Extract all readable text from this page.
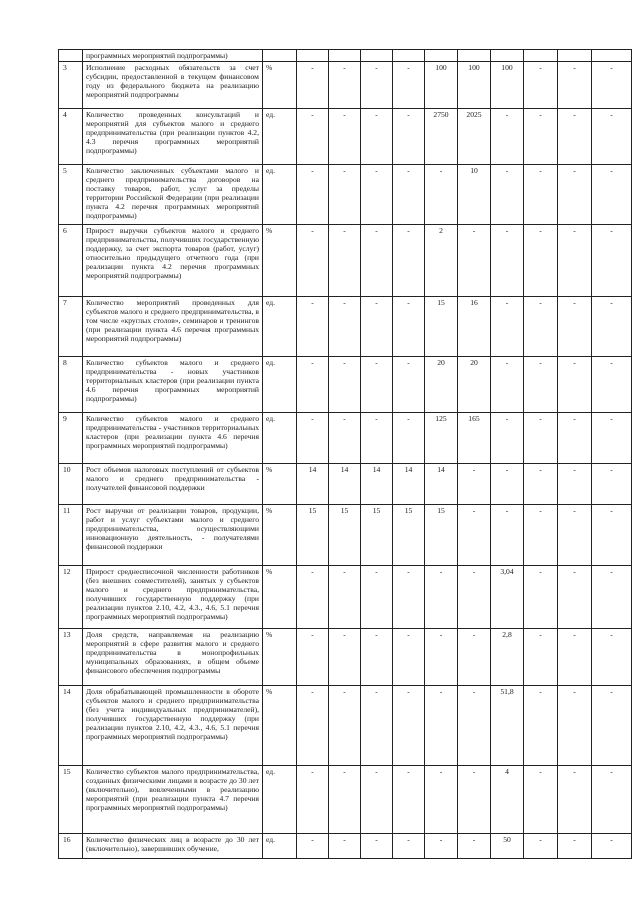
	программных мероприятий подпрограммы)											
3	Исполнение расходных обязательств за счет субсидии, предоставленной в текущем финансовом году из федерального бюджета на реализацию мероприятий подпрограммы	%	-	-	-	-	100	100	100	-	-	-
4	Количество проведенных консультаций и мероприятий для субъектов малого и среднего предпринимательства (при реализации пунктов 4.2, 4.3 перечня программных мероприятий подпрограммы)	ед.	-	-	-	-	2750	2025	-	-	-	-
5	Количество заключенных субъектами малого и среднего предпринимательства договоров на поставку товаров, работ, услуг за пределы территории Российской Федерации (при реализации пункта 4.2 перечня программных мероприятий подпрограммы)	ед.	-	-	-	-	-	10	-	-	-	-
6	Прирост выручки субъектов малого и среднего предпринимательства, получивших государственную поддержку, за счет экспорта товаров (работ, услуг) относительно предыдущего отчетного года (при реализации пункта 4.2 перечня программных мероприятий подпрограммы)	%	-	-	-	-	2	-	-	-	-	-
7	Количество мероприятий проведенных для субъектов малого и среднего предпринимательства, в том числе «круглых столов», семинаров и тренингов (при реализации пункта 4.6 перечня программных мероприятий подпрограммы)	ед.	-	-	-	-	15	16	-	-	-	-
8	Количество субъектов малого и среднего предпринимательства - новых участников территориальных кластеров (при реализации пункта 4.6 перечня программных мероприятий подпрограммы)	ед.	-	-	-	-	20	20	-	-	-	-
9	Количество субъектов малого и среднего предпринимательства - участников территориальных кластеров (при реализации пункта 4.6 перечня программных мероприятий подпрограммы)	ед.	-	-	-	-	125	165	-	-	-	-
10	Рост объемов налоговых поступлений от субъектов малого и среднего предпринимательства - получателей финансовой поддержки	%	14	14	14	14	14	-	-	-	-	-
11	Рост выручки от реализации товаров, продукции, работ и услуг субъектами малого и среднего предпринимательства, осуществляющими инновационную деятельность, - получателями финансовой поддержки	%	15	15	15	15	15	-	-	-	-	-
12	Прирост среднесписочной численности работников (без внешних совместителей), занятых у субъектов малого и среднего предпринимательства, получивших государственную поддержку (при реализации пунктов 2.10, 4.2, 4.3., 4.6, 5.1 перечня программных мероприятий подпрограммы)	%	-	-	-	-	-	-	3,04	-	-	-
13	Доля средств, направляемая на реализацию мероприятий в сфере развития малого и среднего предпринимательства в монопрофильных муниципальных образованиях, в общем объеме финансового обеспечения подпрограммы	%	-	-	-	-	-	-	2,8	-	-	-
14	Доля обрабатывающей промышленности в обороте субъектов малого и среднего предпринимательства (без учета индивидуальных предпринимателей), получивших государственную поддержку (при реализации пунктов 2.10, 4.2, 4.3., 4.6, 5.1 перечня программных мероприятий подпрограммы)	%	-	-	-	-	-	-	51,8	-	-	-
15	Количество субъектов малого предпринимательства, созданных физическими лицами в возрасте до 30 лет (включительно), вовлеченными в реализацию мероприятий (при реализации пункта 4.7 перечня программных мероприятий подпрограммы)	ед.	-	-	-	-	-	-	4	-	-	-
16	Количество физических лиц в возрасте до 30 лет (включительно), завершивших обучение,	ед.	-	-	-	-	-	-	50	-	-	-
